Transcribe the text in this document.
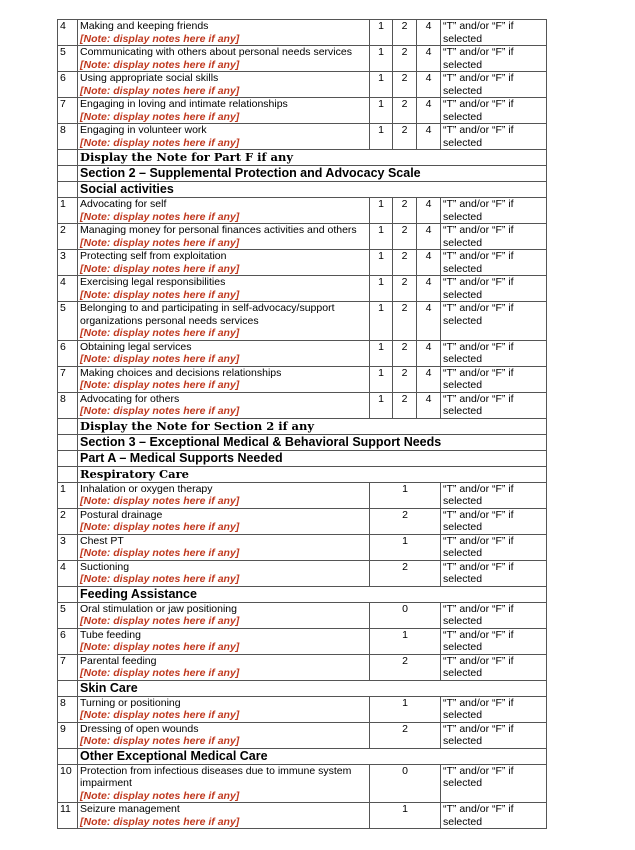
4	Making and keeping friends
[Note: display notes here if any]	1	2	4	“T” and/or “F” if
selected
5	Communicating with others about personal needs services
[Note: display notes here if any]	1	2	4	“T” and/or “F” if
selected
6	Using appropriate social skills
[Note: display notes here if any]	1	2	4	“T” and/or “F” if
selected
7	Engaging in loving and intimate relationships
[Note: display notes here if any]	1	2	4	“T” and/or “F” if
selected
8	Engaging in volunteer work
[Note: display notes here if any]	1	2	4	“T” and/or “F” if
selected
	Display the Note for Part F if any				
	Section 2 – Supplemental Protection and Advocacy Scale				
	Social activities				
1	Advocating for self
[Note: display notes here if any]	1	2	4	“T” and/or “F” if
selected
2	Managing money for personal finances activities and others
[Note: display notes here if any]	1	2	4	“T” and/or “F” if
selected
3	Protecting self from exploitation
[Note: display notes here if any]	1	2	4	“T” and/or “F” if
selected
4	Exercising legal responsibilities
[Note: display notes here if any]	1	2	4	“T” and/or “F” if
selected
5	Belonging to and participating in self-advocacy/support organizations personal needs services
[Note: display notes here if any]	1	2	4	“T” and/or “F” if
selected
6	Obtaining legal services
[Note: display notes here if any]	1	2	4	“T” and/or “F” if
selected
7	Making choices and decisions relationships
[Note: display notes here if any]	1	2	4	“T” and/or “F” if
selected
8	Advocating for others
[Note: display notes here if any]	1	2	4	“T” and/or “F” if
selected
	Display the Note for Section 2 if any				
	Section 3 – Exceptional Medical & Behavioral Support Needs				
	Part A – Medical Supports Needed				
	Respiratory Care				
1	Inhalation or oxygen therapy
[Note: display notes here if any]	1			“T” and/or “F” if
selected
2	Postural drainage
[Note: display notes here if any]	2			“T” and/or “F” if
selected
3	Chest PT
[Note: display notes here if any]	1			“T” and/or “F” if
selected
4	Suctioning
[Note: display notes here if any]	2			“T” and/or “F” if
selected
	Feeding Assistance				
5	Oral stimulation or jaw positioning
[Note: display notes here if any]	0			“T” and/or “F” if
selected
6	Tube feeding
[Note: display notes here if any]	1			“T” and/or “F” if
selected
7	Parental feeding
[Note: display notes here if any]	2			“T” and/or “F” if
selected
	Skin Care				
8	Turning or positioning
[Note: display notes here if any]	1			“T” and/or “F” if
selected
9	Dressing of open wounds
[Note: display notes here if any]	2			“T” and/or “F” if
selected
	Other Exceptional Medical Care				
10	Protection from infectious diseases due to immune system impairment
[Note: display notes here if any]	0			“T” and/or “F” if
selected
11	Seizure management
[Note: display notes here if any]	1			“T” and/or “F” if
selected
